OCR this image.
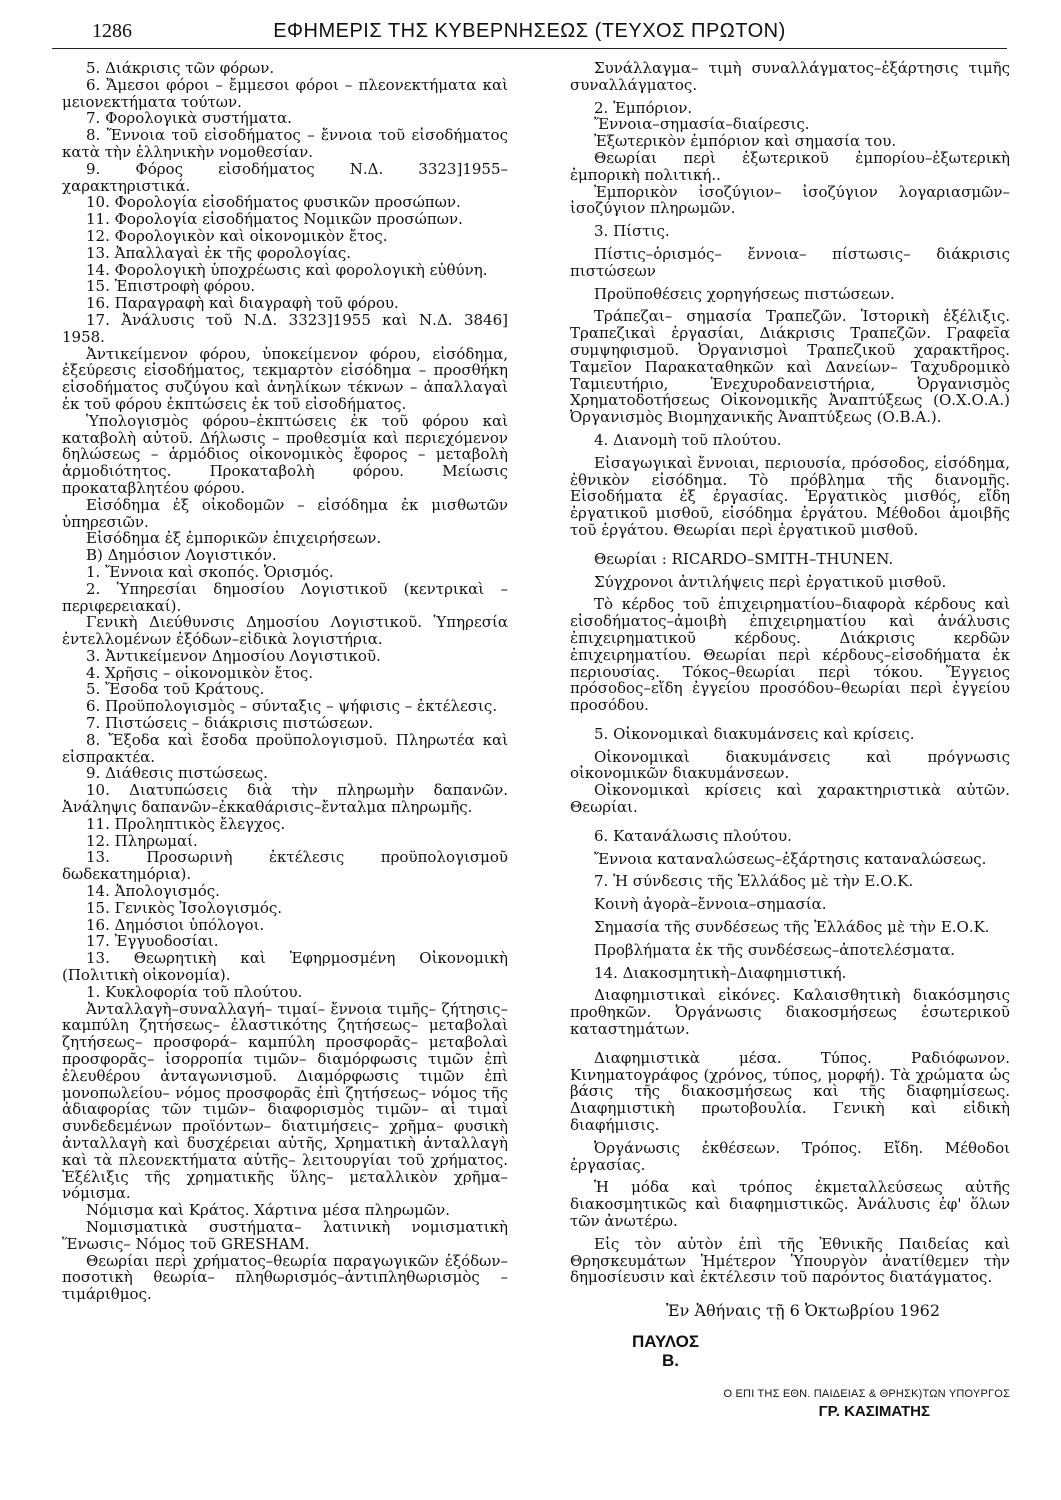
1286	ΕΦΗΜΕΡΙΣ ΤΗΣ ΚΥΒΕΡΝΗΣΕΩΣ (ΤΕΥΧΟΣ ΠΡΩΤΟΝ)

5. Διάκρισις τῶν φόρων.

6. Ἄμεσοι φόροι – ἔμμεσοι φόροι – πλεονεκτήματα καὶ μειονεκτήματα τούτων.

7. Φορολογικὰ συστήματα.

8. Ἔννοια τοῦ εἰσοδήματος – ἔννοια τοῦ εἰσοδήματος κατὰ τὴν ἑλληνικὴν νομοθεσίαν.

9. Φόρος εἰσοδήματος Ν.Δ. 3323]1955–χαρακτηριστικά.

10. Φορολογία εἰσοδήματος φυσικῶν προσώπων.

11. Φορολογία εἰσοδήματος Νομικῶν προσώπων.

12. Φορολογικὸν καὶ οἰκονομικὸν ἔτος.

13. Ἀπαλλαγαὶ ἐκ τῆς φορολογίας.

14. Φορολογικὴ ὑποχρέωσις καὶ φορολογικὴ εὐθύνη.

15. Ἐπιστροφὴ φόρου.

16. Παραγραφὴ καὶ διαγραφὴ τοῦ φόρου.

17. Ἀνάλυσις τοῦ Ν.Δ. 3323]1955 καὶ Ν.Δ. 3846] 1958.

Ἀντικείμενον φόρου, ὑποκείμενον φόρου, εἰσόδημα, ἐξεύρεσις εἰσοδήματος, τεκμαρτὸν εἰσόδημα – προσθήκη εἰσοδήματος συζύγου καὶ ἀνηλίκων τέκνων – ἀπαλλαγαὶ ἐκ τοῦ φόρου ἐκπτώσεις ἐκ τοῦ εἰσοδήματος.

Ὑπολογισμὸς φόρου–ἐκπτώσεις ἐκ τοῦ φόρου καὶ καταβολὴ αὐτοῦ. Δήλωσις – προθεσμία καὶ περιεχόμενον δηλώσεως – ἁρμόδιος οἰκονομικὸς ἔφορος – μεταβολὴ ἁρμοδιότητος. Προκαταβολὴ φόρου. Μείωσις προκαταβλητέου φόρου.

Εἰσόδημα ἐξ οἰκοδομῶν – εἰσόδημα ἐκ μισθωτῶν ὑπηρεσιῶν.

Εἰσόδημα ἐξ ἐμπορικῶν ἐπιχειρήσεων.

Β) Δημόσιον Λογιστικόν.

1. Ἔννοια καὶ σκοπός. Ὁρισμός.

2. Ὑπηρεσίαι δημοσίου Λογιστικοῦ (κεντρικαὶ – περιφερειακαί).

Γενικὴ Διεύθυνσις Δημοσίου Λογιστικοῦ. Ὑπηρεσία ἐντελλομένων ἐξόδων–εἰδικὰ λογιστήρια.

3. Ἀντικείμενον Δημοσίου Λογιστικοῦ.

4. Χρῆσις – οἰκονομικὸν ἔτος.

5. Ἔσοδα τοῦ Κράτους.

6. Προϋπολογισμὸς – σύνταξις – ψήφισις – ἐκτέλεσις.

7. Πιστώσεις – διάκρισις πιστώσεων.

8. Ἔξοδα καὶ ἔσοδα προϋπολογισμοῦ. Πληρωτέα καὶ εἰσπρακτέα.

9. Διάθεσις πιστώσεως.

10. Διατυπώσεις διὰ τὴν πληρωμὴν δαπανῶν. Ἀνάληψις δαπανῶν–ἐκκαθάρισις–ἔνταλμα πληρωμῆς.

11. Προληπτικὸς ἔλεγχος.

12. Πληρωμαί.

13. Προσωρινὴ ἐκτέλεσις προϋπολογισμοῦ δωδεκατημόρια).

14. Ἀπολογισμός.

15. Γενικὸς Ἰσολογισμός.

16. Δημόσιοι ὑπόλογοι.

17. Ἐγγυοδοσίαι.

13. Θεωρητικὴ καὶ Ἐφηρμοσμένη Οἰκονομικὴ (Πολιτικὴ οἰκονομία).

1. Κυκλοφορία τοῦ πλούτου.

Ἀνταλλαγὴ–συναλλαγή– τιμαί– ἔννοια τιμῆς– ζήτησις– καμπύλη ζητήσεως– ἐλαστικότης ζητήσεως– μεταβολαὶ ζητήσεως– προσφορά– καμπύλη προσφορᾶς– μεταβολαὶ προσφορᾶς– ἰσορροπία τιμῶν– διαμόρφωσις τιμῶν ἐπὶ ἐλευθέρου ἀνταγωνισμοῦ. Διαμόρφωσις τιμῶν ἐπὶ μονοπωλείου– νόμος προσφορᾶς ἐπὶ ζητήσεως– νόμος τῆς ἀδιαφορίας τῶν τιμῶν– διαφορισμὸς τιμῶν– αἱ τιμαὶ συνδεδεμένων προϊόντων– διατιμήσεις– χρῆμα– φυσικὴ ἀνταλλαγὴ καὶ δυσχέρειαι αὐτῆς, Χρηματικὴ ἀνταλλαγὴ καὶ τὰ πλεονεκτήματα αὐτῆς– λειτουργίαι τοῦ χρήματος. Ἐξέλιξις τῆς χρηματικῆς ὕλης– μεταλλικὸν χρῆμα– νόμισμα.

Νόμισμα καὶ Κράτος. Χάρτινα μέσα πληρωμῶν.

Νομισματικὰ συστήματα– λατινικὴ νομισματικὴ Ἕνωσις– Νόμος τοῦ GRESHAM.

Θεωρίαι περὶ χρήματος–θεωρία παραγωγικῶν ἐξόδων– ποσοτικὴ θεωρία– πληθωρισμός–ἀντιπληθωρισμὸς –τιμάριθμος.

Συνάλλαγμα– τιμὴ συναλλάγματος–ἐξάρτησις τιμῆς συναλλάγματος.

2. Ἐμπόριον.

Ἔννοια–σημασία–διαίρεσις.

Ἐξωτερικὸν ἐμπόριον καὶ σημασία του.

Θεωρίαι περὶ ἐξωτερικοῦ ἐμπορίου–ἐξωτερικὴ ἐμπορικὴ πολιτική..

Ἐμπορικὸν ἰσοζύγιον– ἰσοζύγιον λογαριασμῶν–ἰσοζύγιον πληρωμῶν.

3. Πίστις.

Πίστις–ὁρισμός– ἔννοια– πίστωσις– διάκρισις πιστώσεων

Προϋποθέσεις χορηγήσεως πιστώσεων.

Τράπεζαι– σημασία Τραπεζῶν. Ἱστορικὴ ἐξέλιξις. Τραπεζικαὶ ἐργασίαι, Διάκρισις Τραπεζῶν. Γραφεῖα συμψηφισμοῦ. Ὀργανισμοὶ Τραπεζικοῦ χαρακτῆρος. Ταμεῖον Παρακαταθηκῶν καὶ Δανείων– Ταχυδρομικὸ Ταμιευτήριο, Ἐνεχυροδανειστήρια, Ὀργανισμὸς Χρηματοδοτήσεως Οἰκονομικῆς Ἀναπτύξεως (Ο.Χ.Ο.Α.) Ὀργανισμὸς Βιομηχανικῆς Ἀναπτύξεως (Ο.Β.Α.).

4. Διανομὴ τοῦ πλούτου.

Εἰσαγωγικαὶ ἔννοιαι, περιουσία, πρόσοδος, εἰσόδημα, ἐθνικὸν εἰσόδημα. Τὸ πρόβλημα τῆς διανομῆς. Εἰσοδήματα ἐξ ἐργασίας. Ἐργατικὸς μισθός, εἴδη ἐργατικοῦ μισθοῦ, εἰσόδημα ἐργάτου. Μέθοδοι ἀμοιβῆς τοῦ ἐργάτου. Θεωρίαι περὶ ἐργατικοῦ μισθοῦ.

Θεωρίαι : RICARDO–SMITH–THUNEN.

Σύγχρονοι ἀντιλήψεις περὶ ἐργατικοῦ μισθοῦ.

Τὸ κέρδος τοῦ ἐπιχειρηματίου–διαφορὰ κέρδους καὶ εἰσοδήματος–ἀμοιβὴ ἐπιχειρηματίου καὶ ἀνάλυσις ἐπιχειρηματικοῦ κέρδους. Διάκρισις κερδῶν ἐπιχειρηματίου. Θεωρίαι περὶ κέρδους–εἰσοδήματα ἐκ περιουσίας. Τόκος–θεωρίαι περὶ τόκου. Ἔγγειος πρόσοδος–εἴδη ἐγγείου προσόδου–θεωρίαι περὶ ἐγγείου προσόδου.

5. Οἰκονομικαὶ διακυμάνσεις καὶ κρίσεις.

Οἰκονομικαὶ διακυμάνσεις καὶ πρόγνωσις οἰκονομικῶν διακυμάνσεων.

Οἰκονομικαὶ κρίσεις καὶ χαρακτηριστικὰ αὐτῶν. Θεωρίαι.

6. Κατανάλωσις πλούτου.

Ἔννοια καταναλώσεως–ἐξάρτησις καταναλώσεως.

7. Ἡ σύνδεσις τῆς Ἑλλάδος μὲ τὴν Ε.Ο.Κ.

Κοινὴ ἀγορὰ–ἔννοια–σημασία.

Σημασία τῆς συνδέσεως τῆς Ἑλλάδος μὲ τὴν Ε.Ο.Κ.

Προβλήματα ἐκ τῆς συνδέσεως–ἀποτελέσματα.

14. Διακοσμητικὴ–Διαφημιστική.

Διαφημιστικαὶ εἰκόνες. Καλαισθητικὴ διακόσμησις προθηκῶν. Ὀργάνωσις διακοσμήσεως ἐσωτερικοῦ καταστημάτων.

Διαφημιστικὰ μέσα. Τύπος. Ραδιόφωνον. Κινηματογράφος (χρόνος, τύπος, μορφή). Τὰ χρώματα ὡς βάσις τῆς διακοσμήσεως καὶ τῆς διαφημίσεως. Διαφημιστικὴ πρωτοβουλία. Γενικὴ καὶ εἰδικὴ διαφήμισις.

Ὀργάνωσις ἐκθέσεων. Τρόπος. Εἴδη. Μέθοδοι ἐργασίας.

Ἡ μόδα καὶ τρόπος ἐκμεταλλεύσεως αὐτῆς διακοσμητικῶς καὶ διαφημιστικῶς. Ἀνάλυσις ἐφ' ὅλων τῶν ἀνωτέρω.

Εἰς τὸν αὐτὸν ἐπὶ τῆς Ἐθνικῆς Παιδείας καὶ Θρησκευμάτων Ἡμέτερον Ὑπουργὸν ἀνατίθεμεν τὴν δημοσίευσιν καὶ ἐκτέλεσιν τοῦ παρόντος διατάγματος.

Ἐν Ἀθήναις τῇ 6 Ὀκτωβρίου 1962
ΠΑΥΛΟΣ
Β.
Ο ΕΠΙ ΤΗΣ ΕΘΝ. ΠΑΙΔΕΙΑΣ & ΘΡΗΣΚ)ΤΩΝ ΥΠΟΥΡΓΟΣ
ΓΡ. ΚΑΣΙΜΑΤΗΣ
